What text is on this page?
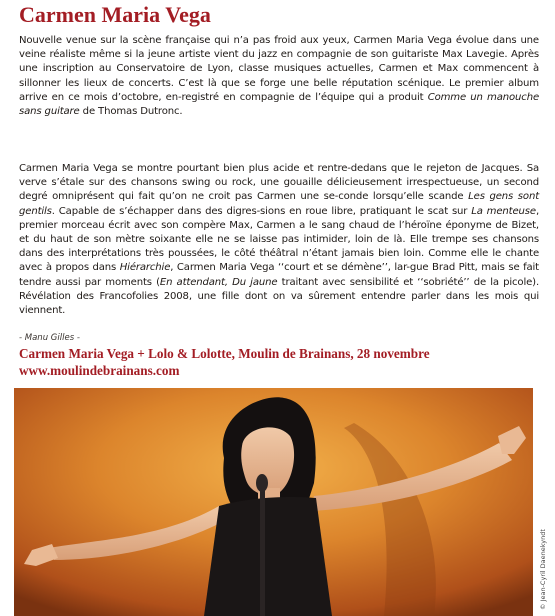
Carmen Maria Vega

Nouvelle venue sur la scène française qui n’a pas froid aux yeux, Carmen Maria Vega évolue dans une veine réaliste même si la jeune artiste vient du jazz en compagnie de son guitariste Max Lavegie. Après une inscription au Conservatoire de Lyon, classe musiques actuelles, Carmen et Max commencent à sillonner les lieux de concerts. C’est là que se forge une belle réputation scénique. Le premier album arrive en ce mois d’octobre, en-registré en compagnie de l’équipe qui a produit Comme un manouche sans guitare de Thomas Dutronc.

Carmen Maria Vega se montre pourtant bien plus acide et rentre-dedans que le rejeton de Jacques. Sa verve s’étale sur des chansons swing ou rock, une gouaille délicieusement irrespectueuse, un second degré omniprésent qui fait qu’on ne croit pas Carmen une se-conde lorsqu’elle scande Les gens sont gentils. Capable de s’échapper dans des digres-sions en roue libre, pratiquant le scat sur La menteuse, premier morceau écrit avec son compère Max, Carmen a le sang chaud de l’héroïne éponyme de Bizet, et du haut de son mètre soixante elle ne se laisse pas intimider, loin de là. Elle trempe ses chansons dans des interprétations très poussées, le côté théâtral n’étant jamais bien loin. Comme elle le chante avec à propos dans Hiérarchie, Carmen Maria Vega ‘‘court et se démène’’, lar-gue Brad Pitt, mais se fait tendre aussi par moments (En attendant, Du jaune traitant avec sensibilité et ‘‘sobriété’’ de la picole). Révélation des Francofolies 2008, une fille dont on va sûrement entendre parler dans les mois qui viennent.

- Manu Gilles -

Carmen Maria Vega + Lolo & Lolotte, Moulin de Brainans, 28 novembre

www.moulindebrainans.com

© Jean-Cyril Daenekyndt
